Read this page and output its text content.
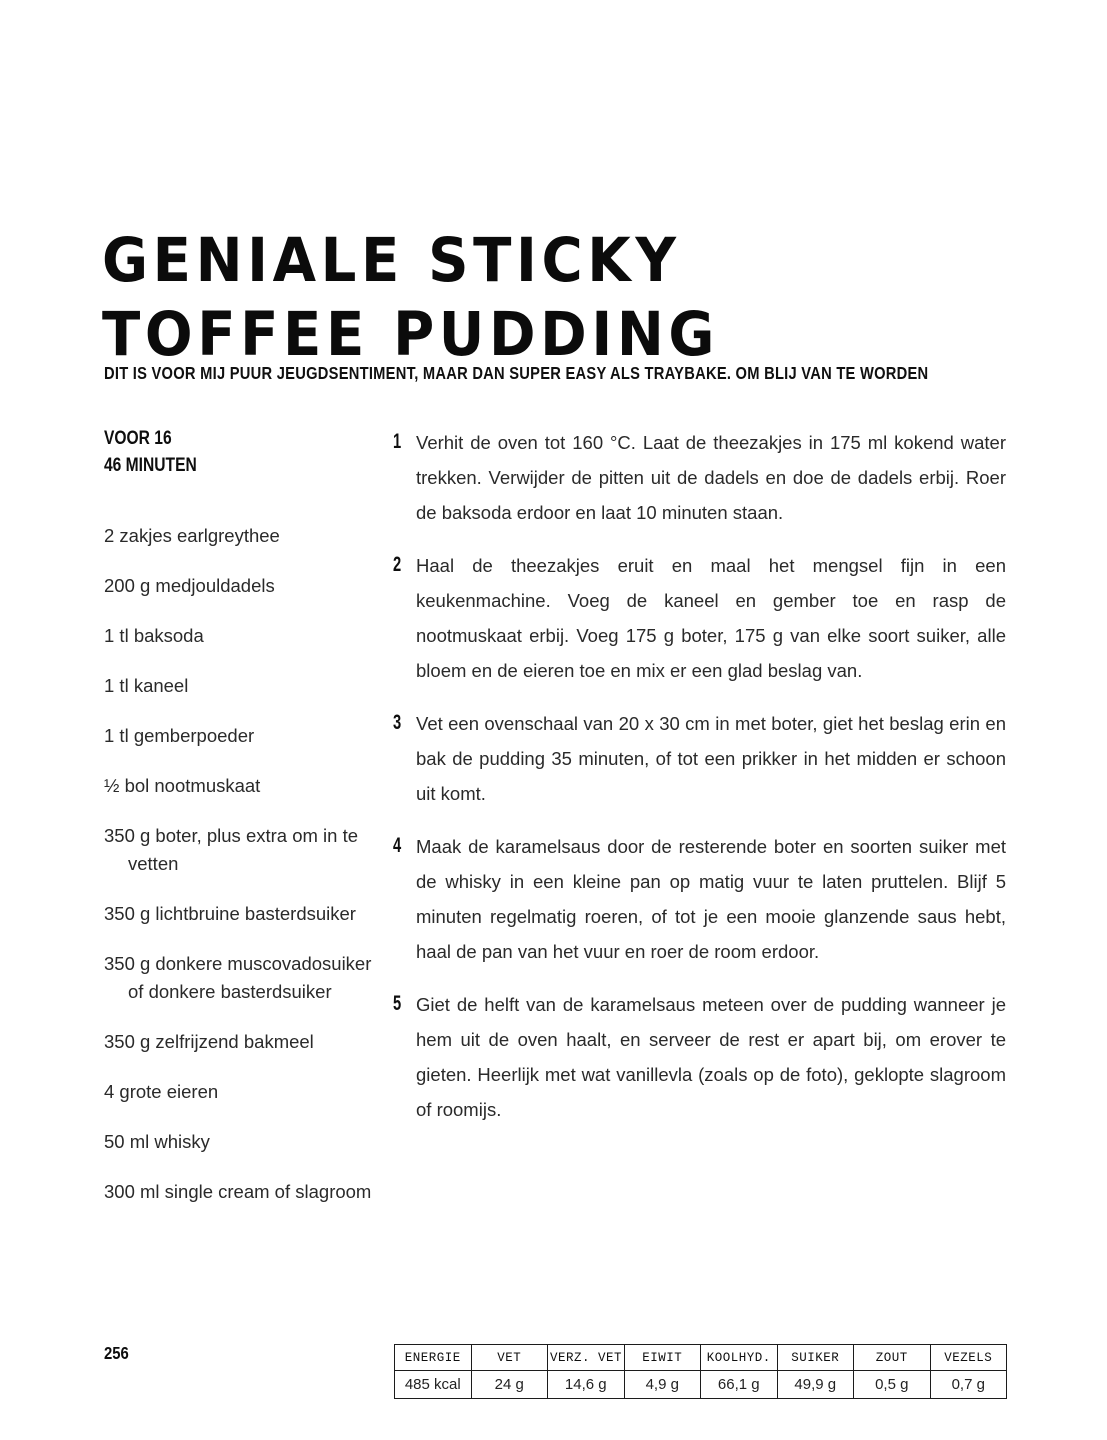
GENIALE STICKY
TOFFEE PUDDING
DIT IS VOOR MIJ PUUR JEUGDSENTIMENT, MAAR DAN SUPER EASY ALS TRAYBAKE. OM BLIJ VAN TE WORDEN
VOOR 16
46 MINUTEN
2 zakjes earlgreythee
200 g medjouldadels
1 tl baksoda
1 tl kaneel
1 tl gemberpoeder
½ bol nootmuskaat
350 g boter, plus extra om in te vetten
350 g lichtbruine basterdsuiker
350 g donkere muscovadosuiker of donkere basterdsuiker
350 g zelfrijzend bakmeel
4 grote eieren
50 ml whisky
300 ml single cream of slagroom
1 Verhit de oven tot 160 °C. Laat de theezakjes in 175 ml kokend water trekken. Verwijder de pitten uit de dadels en doe de dadels erbij. Roer de baksoda erdoor en laat 10 minuten staan.

2 Haal de theezakjes eruit en maal het mengsel fijn in een keukenmachine. Voeg de kaneel en gember toe en rasp de nootmuskaat erbij. Voeg 175 g boter, 175 g van elke soort suiker, alle bloem en de eieren toe en mix er een glad beslag van.

3 Vet een ovenschaal van 20 x 30 cm in met boter, giet het beslag erin en bak de pudding 35 minuten, of tot een prikker in het midden er schoon uit komt.

4 Maak de karamelsaus door de resterende boter en soorten suiker met de whisky in een kleine pan op matig vuur te laten pruttelen. Blijf 5 minuten regelmatig roeren, of tot je een mooie glanzende saus hebt, haal de pan van het vuur en roer de room erdoor.

5 Giet de helft van de karamelsaus meteen over de pudding wanneer je hem uit de oven haalt, en serveer de rest er apart bij, om erover te gieten. Heerlijk met wat vanillevla (zoals op de foto), geklopte slagroom of roomijs.

256	ENERGIE	VET	VERZ. VET	EIWIT	KOOLHYD.	SUIKER	ZOUT	VEZELS
485 kcal	24 g	14,6 g	4,9 g	66,1 g	49,9 g	0,5 g	0,7 g
